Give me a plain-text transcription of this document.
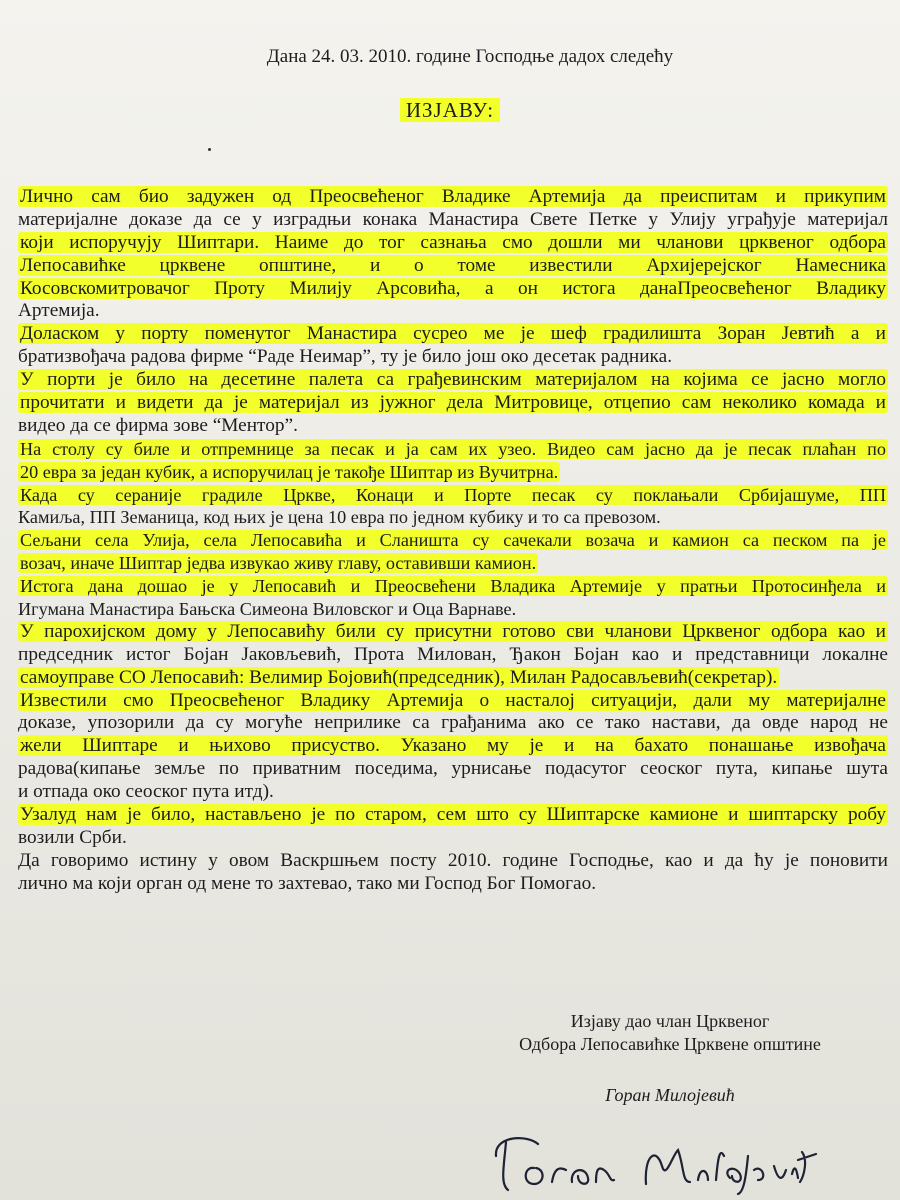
Дана 24. 03. 2010. године Господње дадох следећу
ИЗЈАВУ:
Лично сам био задужен од Преосвећеног Владике Артемија да преиспитам и прикупим
материјалне доказе да се у изградњи конака Манастира Свете Петке у Улију уграђује материјал
који испоручују Шиптари. Наиме до тог сазнања смо дошли ми чланови црквеног одбора
Лепосавићке црквене општине, и о томе известили Архијерејског Намесника
Косовскомитровачог Проту Милију Арсовића, а он истога данаПреосвећеног Владику
Артемија.
Доласком у порту поменутог Манастира сусрео ме је шеф градилишта Зоран Јевтић а и
братизвођача радова фирме “Раде Неимар”, ту је било још око десетак радника.
У порти је било на десетине палета са грађевинским материјалом на којима се јасно могло
прочитати и видети да је материјал из јужног дела Митровице, отцепио сам неколико комада и
видео да се фирма зове “Ментор”.
На столу су биле и отпремнице за песак и ја сам их узео. Видео сам јасно да је песак плаћан по
20 евра за један кубик, а испоручилац је такође Шиптар из Вучитрна.
Када су сеpаније градиле Цркве, Конаци и Порте песак су поклањали Србијашуме, ПП
Камиља, ПП Земаница, код њих је цена 10 евра по једном кубику и то са превозом.
Сељани села Улија, села Лепосавића и Сланишта су сачекали возача и камион са песком па је
возач, иначе Шиптар једва извукао живу главу, оставивши камион.
Истога дана дошао је у Лепосавић и Преосвећени Владика Артемије у пратњи Протосинђела и
Игумана Манастира Бањска Симеона Виловског и Оца Варнаве.
У парохијском дому у Лепосавићу били су присутни готово сви чланови Црквеног одбора као и
председник истог Бојан Јаковљевић, Прота Милован, Ђакон Бојан као и представници локалне
самоуправе СО Лепосавић: Велимир Бојовић(председник), Милан Радосављевић(секретар).
Известили смо Преосвећеног Владику Артемија о насталој ситуацији, дали му материјалне
доказе, упозорили да су могуће неприлике са грађанима ако се тако настави, да овде народ не
жели Шиптаре и њихово присуство. Указано му је и на бахато понашање извођача
радова(кипање земље по приватним поседима, урнисање подасутог сеоског пута, кипање шута
и отпада око сеоског пута итд).
Узалуд нам је било, настављено је по старом, сем што су Шиптарске камионе и шиптарску робу
возили Срби.
Да говоримо истину у овом Васкршњем посту 2010. године Господње, као и да ћу је поновити
лично ма који орган од мене то захтевао, тако ми Господ Бог Помогао.
Изјаву дао члан Црквеног
Одбора Лепосавићке Црквене општине
Горан Милојевић
